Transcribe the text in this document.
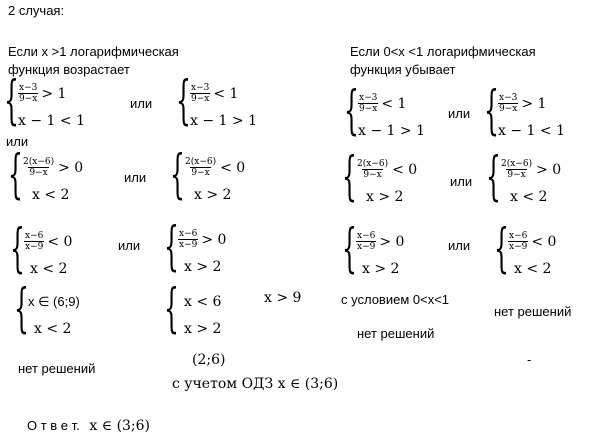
2 случая:
Если x >1 логарифмическая
функция возрастает
Если 0<x <1 логарифмическая
функция убывает
{ $\frac{x-3}{9-x} > 1$
x − 1 < 1
или { $\frac{x-3}{9-x} < 1$
x − 1 > 1
или
{ $\frac{x-3}{9-x} < 1$
x − 1 > 1
или { $\frac{x-3}{9-x} > 1$
x − 1 < 1
{ $\frac{2(x-6)}{9-x} > 0$
x < 2
или { $\frac{2(x-6)}{9-x} < 0$
x > 2 { $\frac{2(x-6)}{9-x} < 0$
x > 2
или { $\frac{2(x-6)}{9-x} > 0$
x < 2
{ $\frac{x-6}{x-9} < 0$
x < 2
или { $\frac{x-6}{x-9} > 0$
x > 2 { $\frac{x-6}{x-9} > 0$
x > 2
или { $\frac{x-6}{x-9} < 0$
x < 2
{ x ∈ (6;9)
x < 2 { x < 6
x > 2
x > 9	с условием 0<x<1
нет решений
нет решений
нет решений
(2;6)
с учетом ОДЗ x ∈ (3;6)
-
О т в е т. x ∈ (3;6)
